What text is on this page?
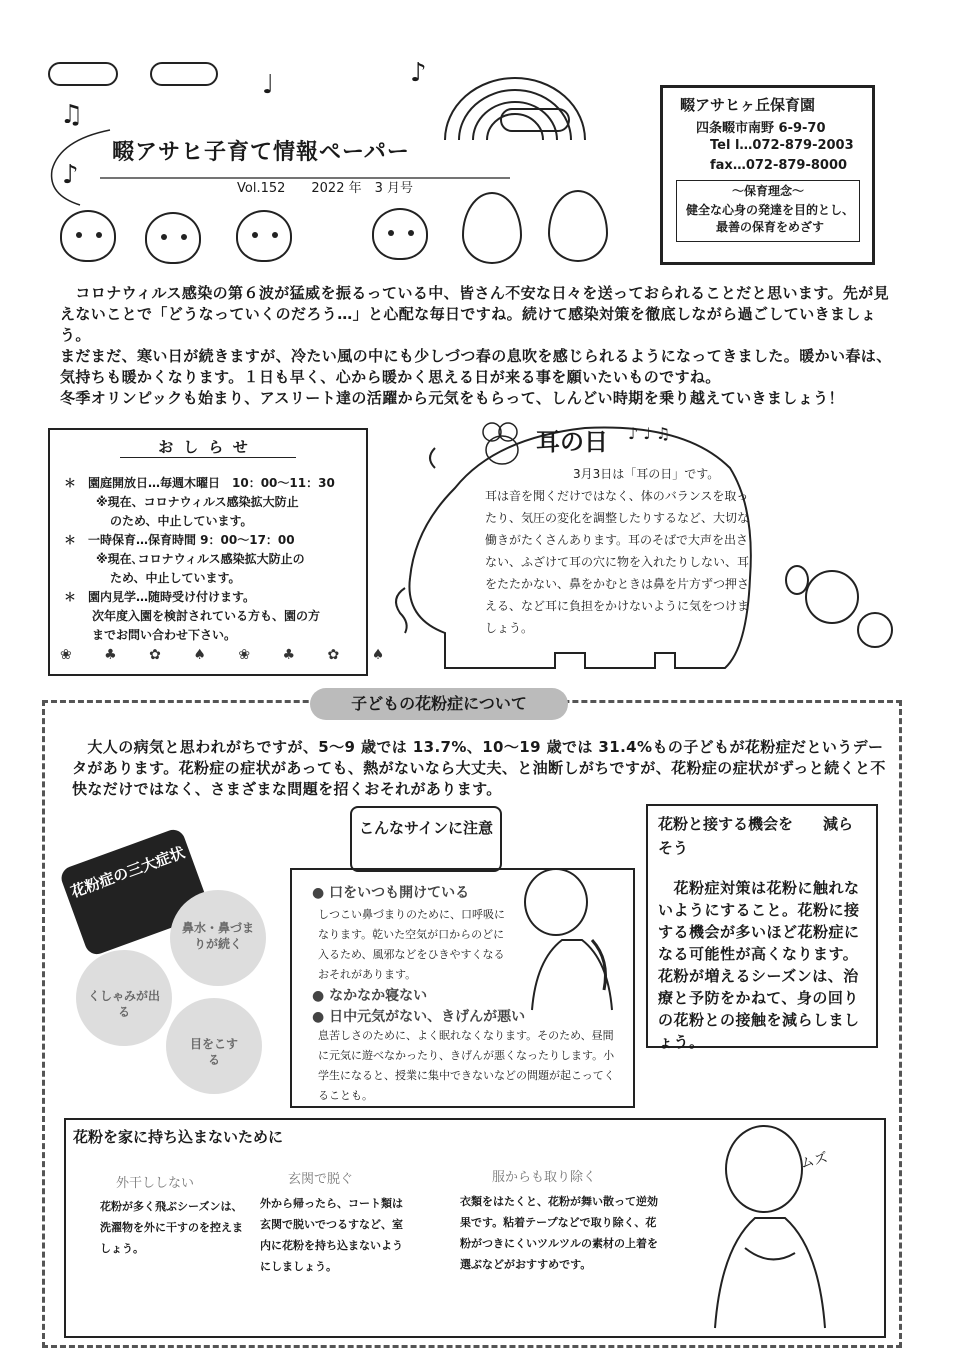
♫
♪
♩	♪
畷アサヒ子育て情報ペーパー
Vol.152　　2022 年　3 月号
畷アサヒヶ丘保育園
四条畷市南野 6-9-70
Tel l…072-879-2003
fax…072-879-8000
～保育理念～
健全な心身の発達を目的とし、最善の保育をめざす

　コロナウィルス感染の第６波が猛威を振るっている中、皆さん不安な日々を送っておられることだと思います。先が見えないことで「どうなっていくのだろう…」と心配な毎日ですね。続けて感染対策を徹底しながら過ごしていきましょう。

まだまだ、寒い日が続きますが、冷たい風の中にも少しづつ春の息吹を感じられるようになってきました。暖かい春は、気持ちも暖かくなります。１日も早く、心から暖かく思える日が来る事を願いたいものですね。

冬季オリンピックも始まり、アスリート達の活躍から元気をもらって、しんどい時期を乗り越えていきましょう！

おしらせ
＊　園庭開放日…毎週木曜日　10：00～11：30
※現在、コロナウィルス感染拡大防止
のため、中止しています。
＊　一時保育…保育時間 9：00～17：00
※現在､コロナウィルス感染拡大防止の
ため、中止しています。
＊　園内見学…随時受け付けます。
次年度入園を検討されている方も、園の方
までお問い合わせ下さい。
❀ ♣ ✿ ♠ ❀ ♣ ✿ ♠
耳の日 ♪ ♩ ♫

3月3日は「耳の日」です。

耳は音を聞くだけではなく、体のバランスを取ったり、気圧の変化を調整したりするなど、大切な働きがたくさんあります。耳のそばで大声を出さない、ふざけて耳の穴に物を入れたりしない、耳をたたかない、鼻をかむときは鼻を片方ずつ押さえる、など耳に負担をかけないように気をつけましょう。

子どもの花粉症について
　大人の病気と思われがちですが、5～9 歳では 13.7%、10～19 歳では 31.4%もの子どもが花粉症だというデータがあります。花粉症の症状があっても、熱がないなら大丈夫、と油断しがちですが、花粉症の症状がずっと続くと不快なだけではなく、さまざまな問題を招くおそれがあります。
花粉症の三大症状
鼻水・鼻づまりが続く
くしゃみが出る
目をこする
こんなサインに注意
● 口をいつも開けている
しつこい鼻づまりのために、口呼吸になります。乾いた空気が口からのどに入るため、風邪などをひきやすくなるおそれがあります。
● なかなか寝ない
● 日中元気がない、きげんが悪い
息苦しさのために、よく眠れなくなります。そのため、昼間に元気に遊べなかったり、きげんが悪くなったりします。小学生になると、授業に集中できないなどの問題が起こってくることも。
花粉と接する機会を　　減らそう
　花粉症対策は花粉に触れないようにすること。花粉に接する機会が多いほど花粉症になる可能性が高くなります。花粉が増えるシーズンは、治療と予防をかねて、身の回りの花粉との接触を減らしましょう。
花粉を家に持ち込まないために
外干ししない
花粉が多く飛ぶシーズンは、洗濯物を外に干すのを控えましょう。
玄関で脱ぐ
外から帰ったら、コート類は玄関で脱いでつるすなど、室内に花粉を持ち込まないようにしましょう。
服からも取り除く
衣類をはたくと、花粉が舞い散って逆効果です。粘着テープなどで取り除く、花粉がつきにくいツルツルの素材の上着を選ぶなどがおすすめです。
ムズ
